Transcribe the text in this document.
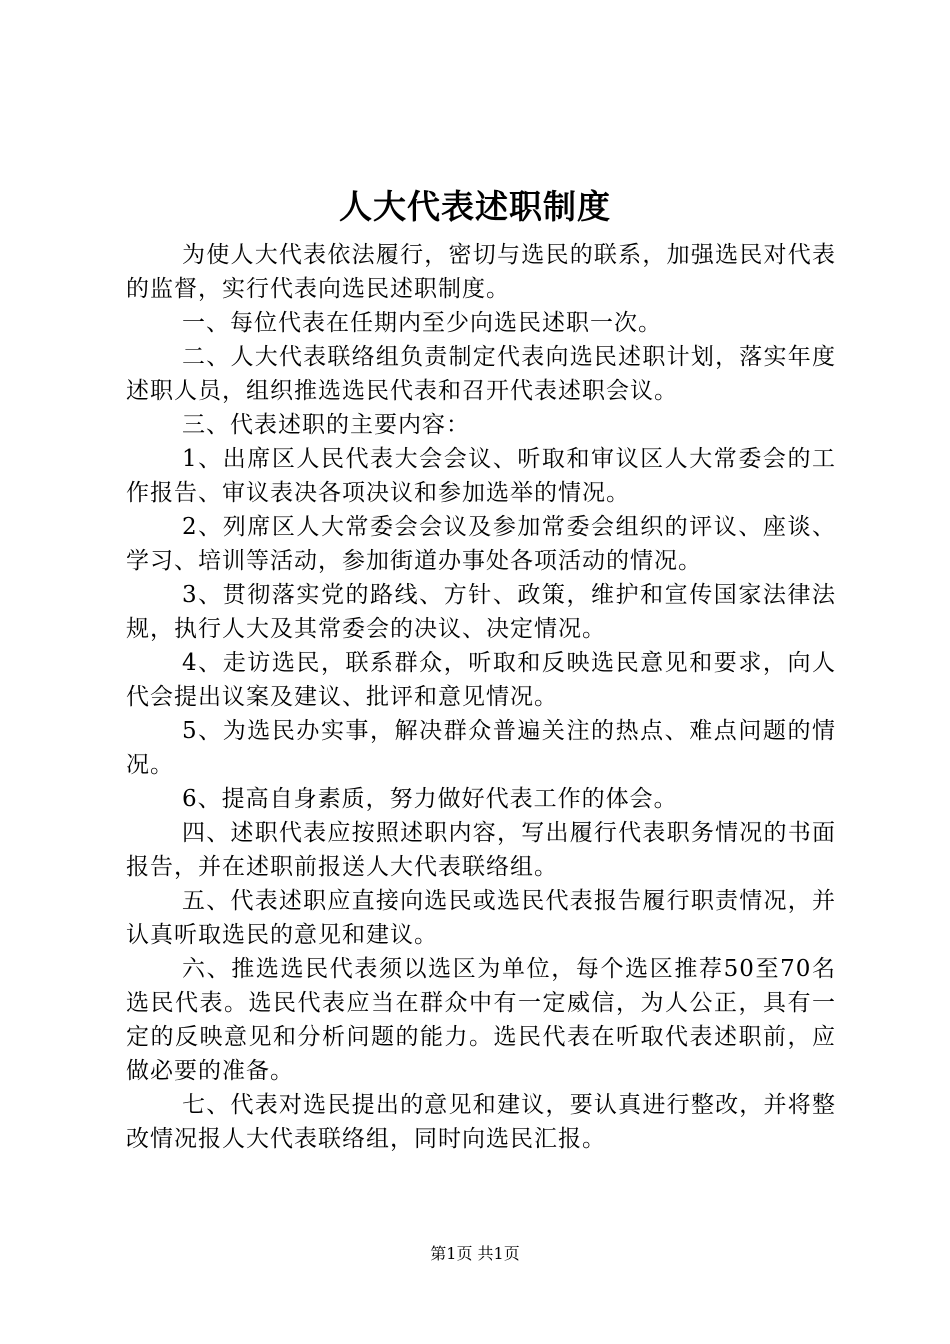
人大代表述职制度

为使人大代表依法履行，密切与选民的联系，加强选民对代表的监督，实行代表向选民述职制度。

一、每位代表在任期内至少向选民述职一次。

二、人大代表联络组负责制定代表向选民述职计划，落实年度述职人员，组织推选选民代表和召开代表述职会议。

三、代表述职的主要内容：

1、出席区人民代表大会会议、听取和审议区人大常委会的工作报告、审议表决各项决议和参加选举的情况。

2、列席区人大常委会会议及参加常委会组织的评议、座谈、学习、培训等活动，参加街道办事处各项活动的情况。

3、贯彻落实党的路线、方针、政策，维护和宣传国家法律法规，执行人大及其常委会的决议、决定情况。

4、走访选民，联系群众，听取和反映选民意见和要求，向人代会提出议案及建议、批评和意见情况。

5、为选民办实事，解决群众普遍关注的热点、难点问题的情况。

6、提高自身素质，努力做好代表工作的体会。

四、述职代表应按照述职内容，写出履行代表职务情况的书面报告，并在述职前报送人大代表联络组。

五、代表述职应直接向选民或选民代表报告履行职责情况，并认真听取选民的意见和建议。

六、推选选民代表须以选区为单位，每个选区推荐50至70名选民代表。选民代表应当在群众中有一定威信，为人公正，具有一定的反映意见和分析问题的能力。选民代表在听取代表述职前，应做必要的准备。

七、代表对选民提出的意见和建议，要认真进行整改，并将整改情况报人大代表联络组，同时向选民汇报。

第1页 共1页
